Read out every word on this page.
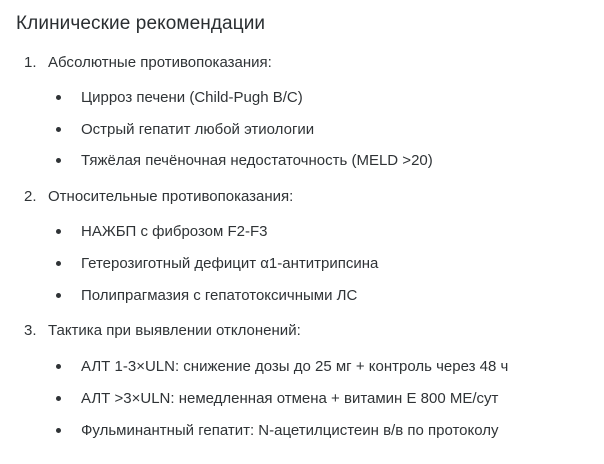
Клинические рекомендации
1. Абсолютные противопоказания:
Цирроз печени (Child-Pugh B/C)
Острый гепатит любой этиологии
Тяжёлая печёночная недостаточность (MELD >20)
2. Относительные противопоказания:
НАЖБП с фиброзом F2-F3
Гетерозиготный дефицит α1-антитрипсина
Полипрагмазия с гепатотоксичными ЛС
3. Тактика при выявлении отклонений:
АЛТ 1-3×ULN: снижение дозы до 25 мг + контроль через 48 ч
АЛТ >3×ULN: немедленная отмена + витамин E 800 МЕ/сут
Фульминантный гепатит: N-ацетилцистеин в/в по протоколу
